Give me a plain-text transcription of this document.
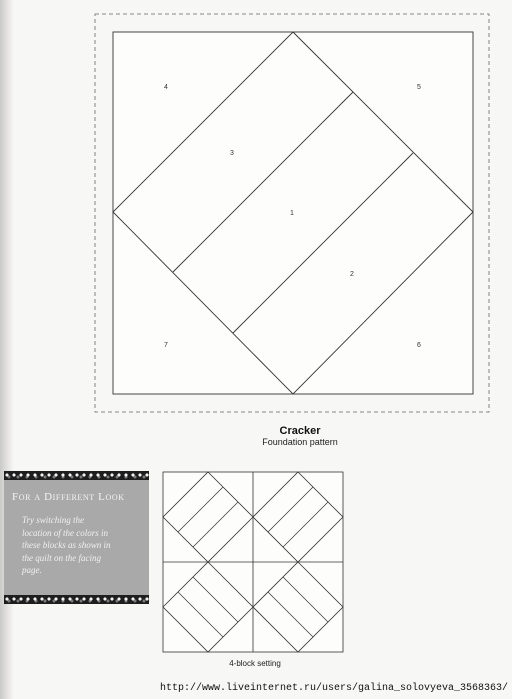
1
2
3
4	5
6
7
Cracker
Foundation pattern
For a Different Look
Try switching the
location of the colors in
these blocks as shown in
the quilt on the facing
page.
4-block setting
http://www.liveinternet.ru/users/galina_solovyeva_3568363/
